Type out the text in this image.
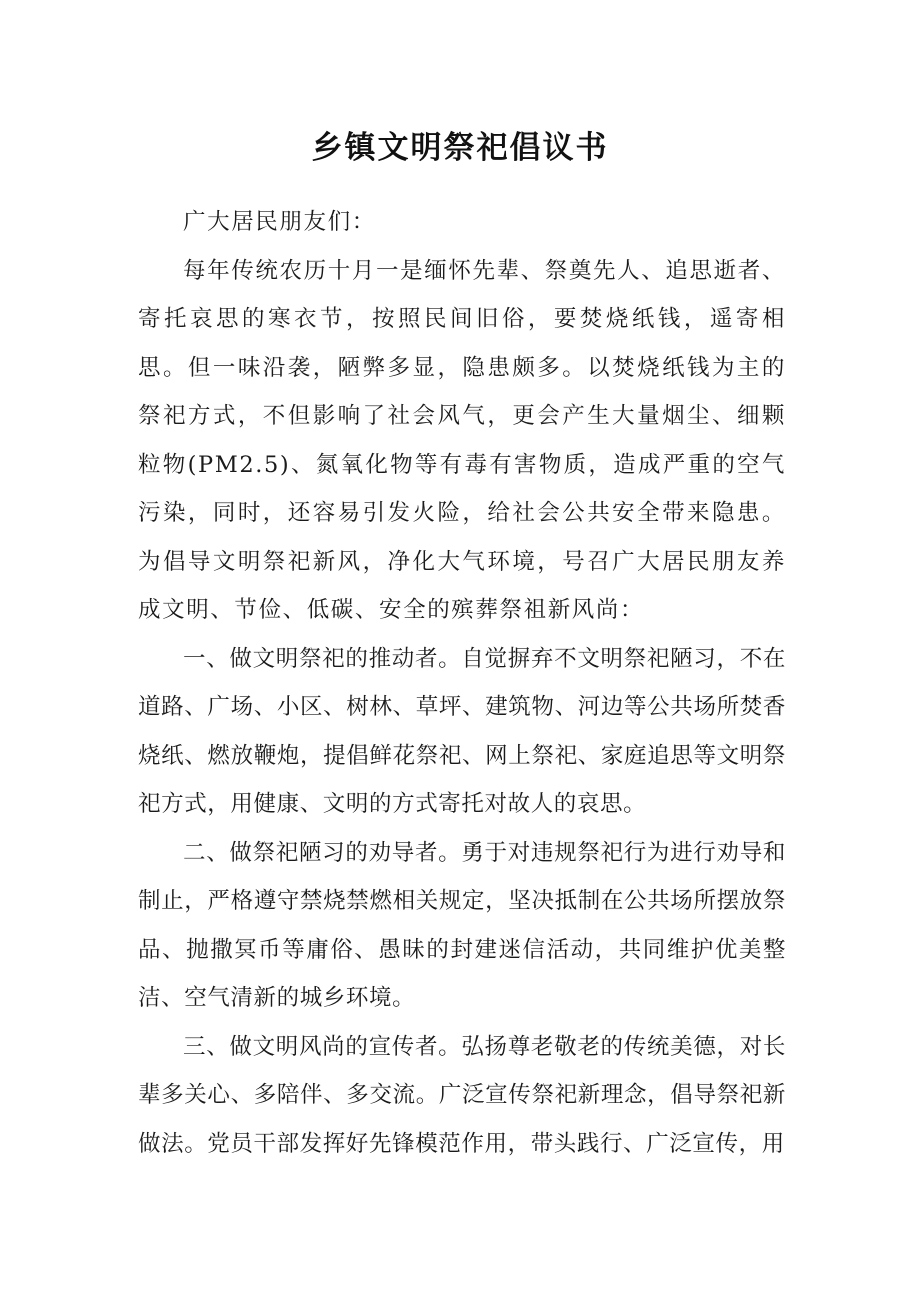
乡镇文明祭祀倡议书

广大居民朋友们：

每年传统农历十月一是缅怀先辈、祭奠先人、追思逝者、寄托哀思的寒衣节，按照民间旧俗，要焚烧纸钱，遥寄相思。但一味沿袭，陋弊多显，隐患颇多。以焚烧纸钱为主的祭祀方式，不但影响了社会风气，更会产生大量烟尘、细颗粒物(PM2.5)、氮氧化物等有毒有害物质，造成严重的空气污染，同时，还容易引发火险，给社会公共安全带来隐患。为倡导文明祭祀新风，净化大气环境，号召广大居民朋友养成文明、节俭、低碳、安全的殡葬祭祖新风尚：

一、做文明祭祀的推动者。自觉摒弃不文明祭祀陋习，不在道路、广场、小区、树林、草坪、建筑物、河边等公共场所焚香烧纸、燃放鞭炮，提倡鲜花祭祀、网上祭祀、家庭追思等文明祭祀方式，用健康、文明的方式寄托对故人的哀思。

二、做祭祀陋习的劝导者。勇于对违规祭祀行为进行劝导和制止，严格遵守禁烧禁燃相关规定，坚决抵制在公共场所摆放祭品、抛撒冥币等庸俗、愚昧的封建迷信活动，共同维护优美整洁、空气清新的城乡环境。

三、做文明风尚的宣传者。弘扬尊老敬老的传统美德，对长辈多关心、多陪伴、多交流。广泛宣传祭祀新理念，倡导祭祀新做法。党员干部发挥好先锋模范作用，带头践行、广泛宣传，用
